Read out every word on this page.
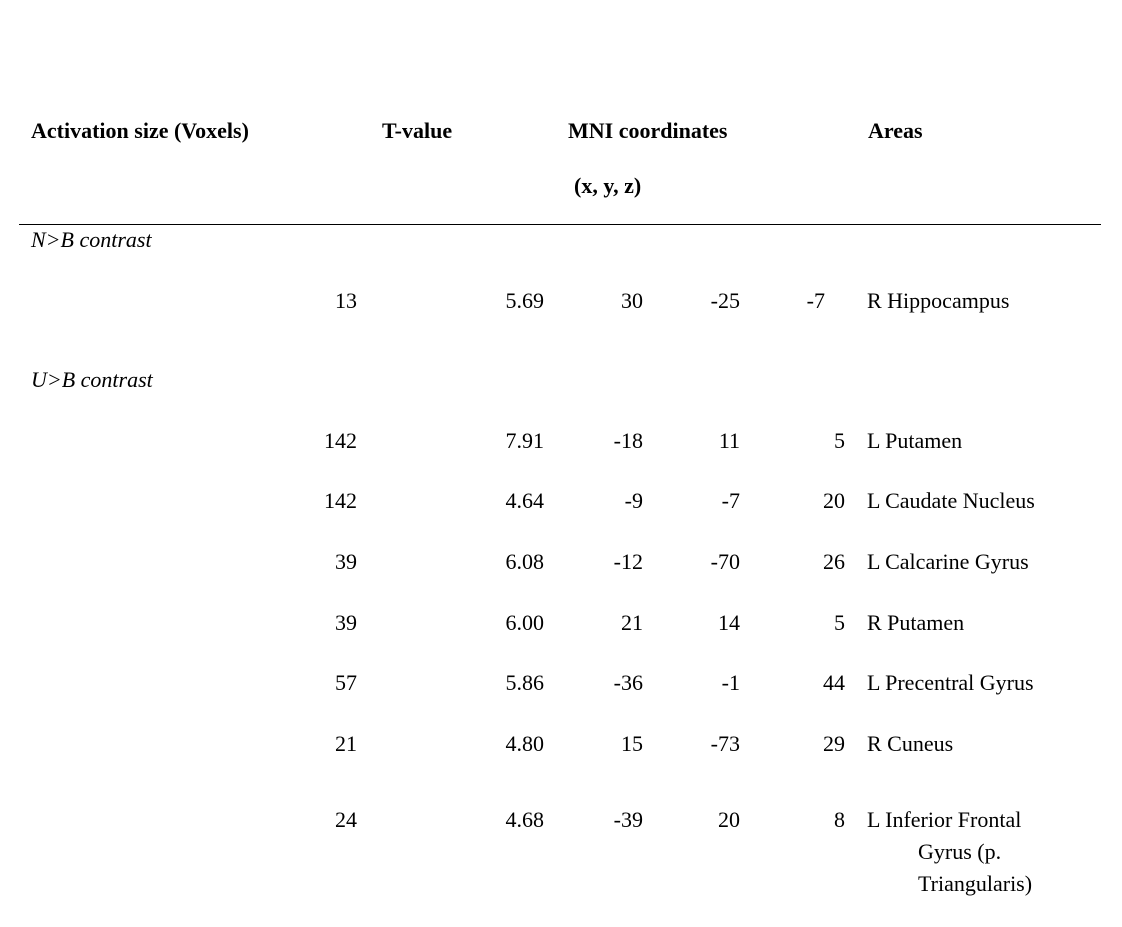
Activation size (Voxels)	T-value	MNI coordinates
(x, y, z)
Areas
N>B contrast
13	5.69	30	-25	-7 R Hippocampus
U>B contrast
142	7.91	-18	11	5 L Putamen
142	4.64	-9	-7	20 L Caudate Nucleus
39	6.08	-12	-70	26 L Calcarine Gyrus
39	6.00	21	14	5 R Putamen
57	5.86	-36	-1	44 L Precentral Gyrus
21	4.80	15	-73	29 R Cuneus
24	4.68	-39	20	8 L Inferior Frontal Gyrus (p. Triangularis)
